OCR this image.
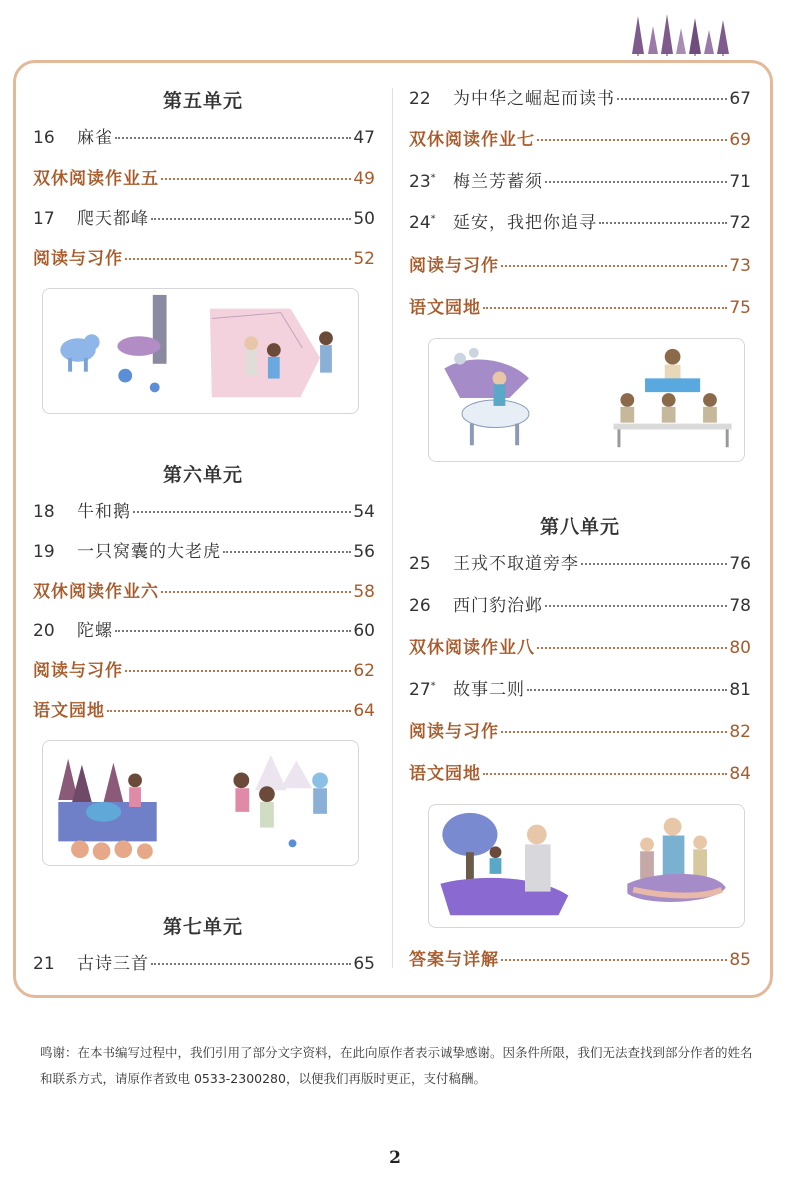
第五单元
16	麻雀	47
双休阅读作业五	49
17	爬天都峰	50
阅读与习作	52
第六单元
18	牛和鹅	54
19	一只窝囊的大老虎	56
双休阅读作业六	58
20	陀螺	60
阅读与习作	62
语文园地	64
第七单元
21	古诗三首	65
22	为中华之崛起而读书	67
双休阅读作业七	69
23*	梅兰芳蓄须	71
24*	延安，我把你追寻	72
阅读与习作	73
语文园地	75
第八单元
25	王戎不取道旁李	76
26	西门豹治邺	78
双休阅读作业八	80
27*	故事二则	81
阅读与习作	82
语文园地	84
答案与详解	85
鸣谢：在本书编写过程中，我们引用了部分文字资料，在此向原作者表示诚挚感谢。因条件所限，我们无法查找到部分作者的姓名和联系方式，请原作者致电 0533-2300280，以便我们再版时更正，支付稿酬。
2
